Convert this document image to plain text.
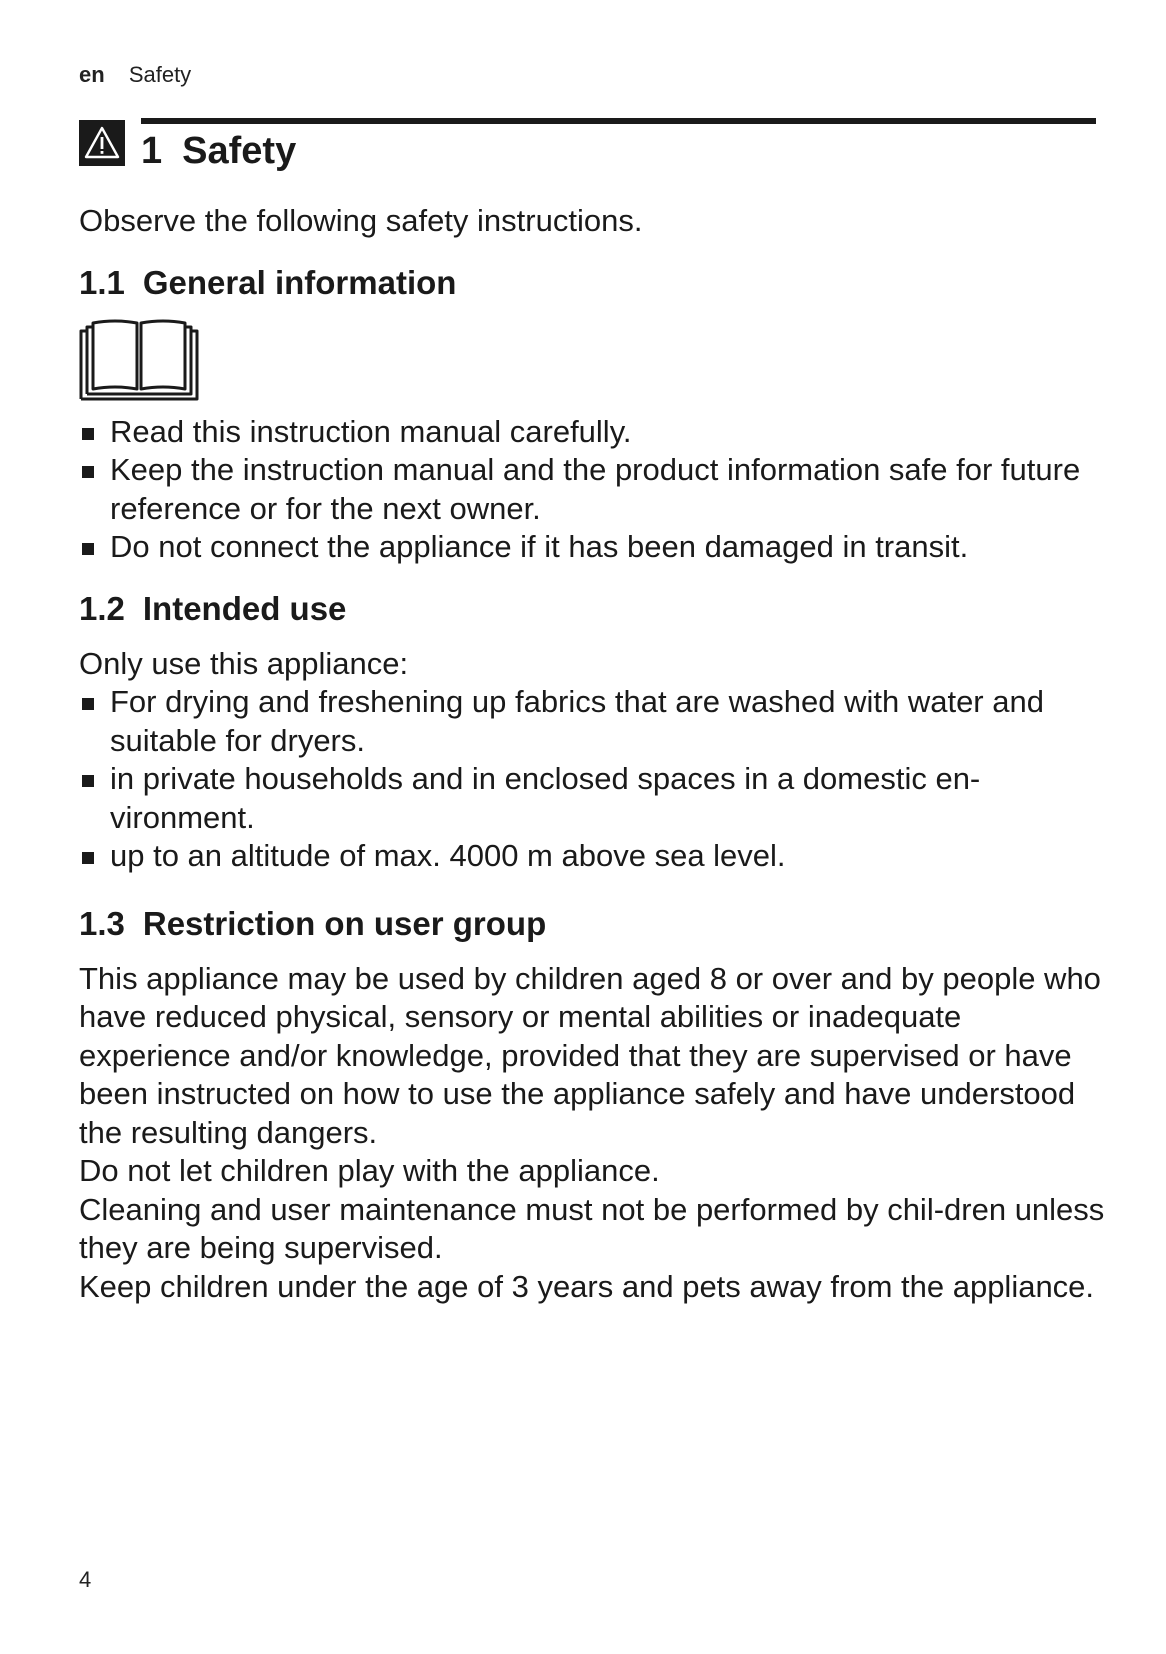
en Safety
1 Safety

Observe the following safety instructions.

1.1 General information
Read this instruction manual carefully.
Keep the instruction manual and the product information safe for future reference or for the next owner.
Do not connect the appliance if it has been damaged in transit.
1.2 Intended use

Only use this appliance:

For drying and freshening up fabrics that are washed with water and suitable for dryers.
in private households and in enclosed spaces in a domestic en-vironment.
up to an altitude of max. 4000 m above sea level.
1.3 Restriction on user group

This appliance may be used by children aged 8 or over and by people who have reduced physical, sensory or mental abilities or inadequate experience and/or knowledge, provided that they are supervised or have been instructed on how to use the appliance safely and have understood the resulting dangers.

Do not let children play with the appliance.

Cleaning and user maintenance must not be performed by chil-dren unless they are being supervised.

Keep children under the age of 3 years and pets away from the appliance.

4
